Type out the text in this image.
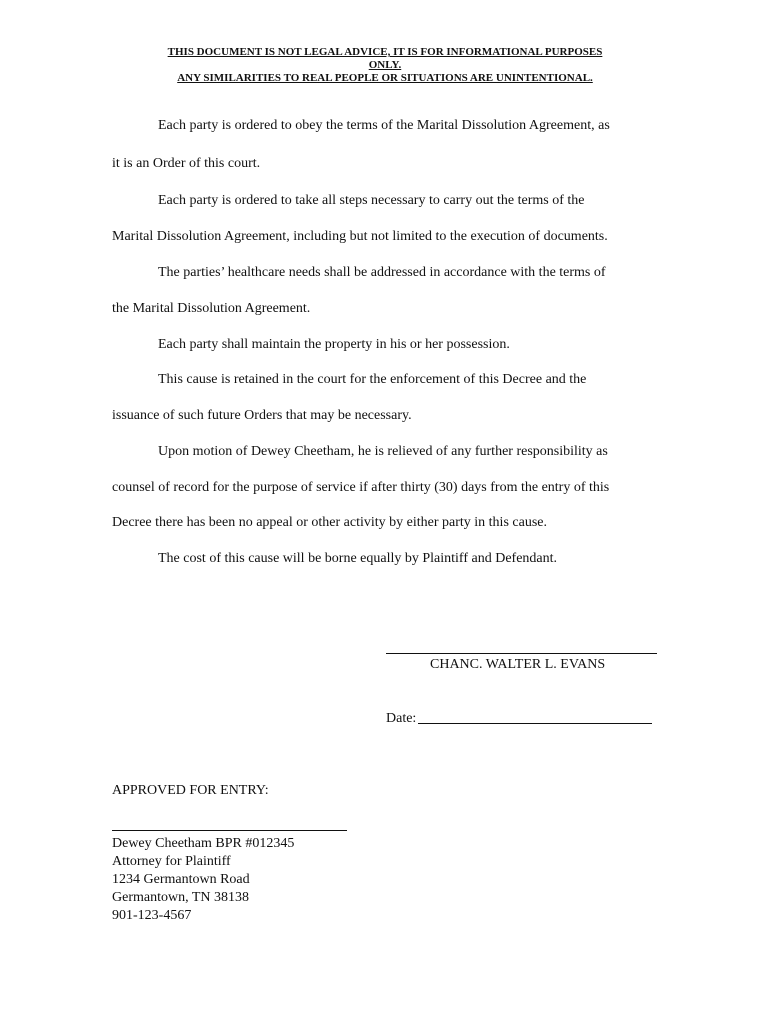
THIS DOCUMENT IS NOT LEGAL ADVICE, IT IS FOR INFORMATIONAL PURPOSES
ONLY.
ANY SIMILARITIES TO REAL PEOPLE OR SITUATIONS ARE UNINTENTIONAL.
Each party is ordered to obey the terms of the Marital Dissolution Agreement, as
it is an Order of this court.
Each party is ordered to take all steps necessary to carry out the terms of the
Marital Dissolution Agreement, including but not limited to the execution of documents.
The parties’ healthcare needs shall be addressed in accordance with the terms of
the Marital Dissolution Agreement.
Each party shall maintain the property in his or her possession.
This cause is retained in the court for the enforcement of this Decree and the
issuance of such future Orders that may be necessary.
Upon motion of Dewey Cheetham, he is relieved of any further responsibility as
counsel of record for the purpose of service if after thirty (30) days from the entry of this
Decree there has been no appeal or other activity by either party in this cause.
The cost of this cause will be borne equally by Plaintiff and Defendant.
CHANC. WALTER L. EVANS
Date:
APPROVED FOR ENTRY:
Dewey Cheetham BPR #012345
Attorney for Plaintiff
1234 Germantown Road
Germantown, TN 38138
901-123-4567
